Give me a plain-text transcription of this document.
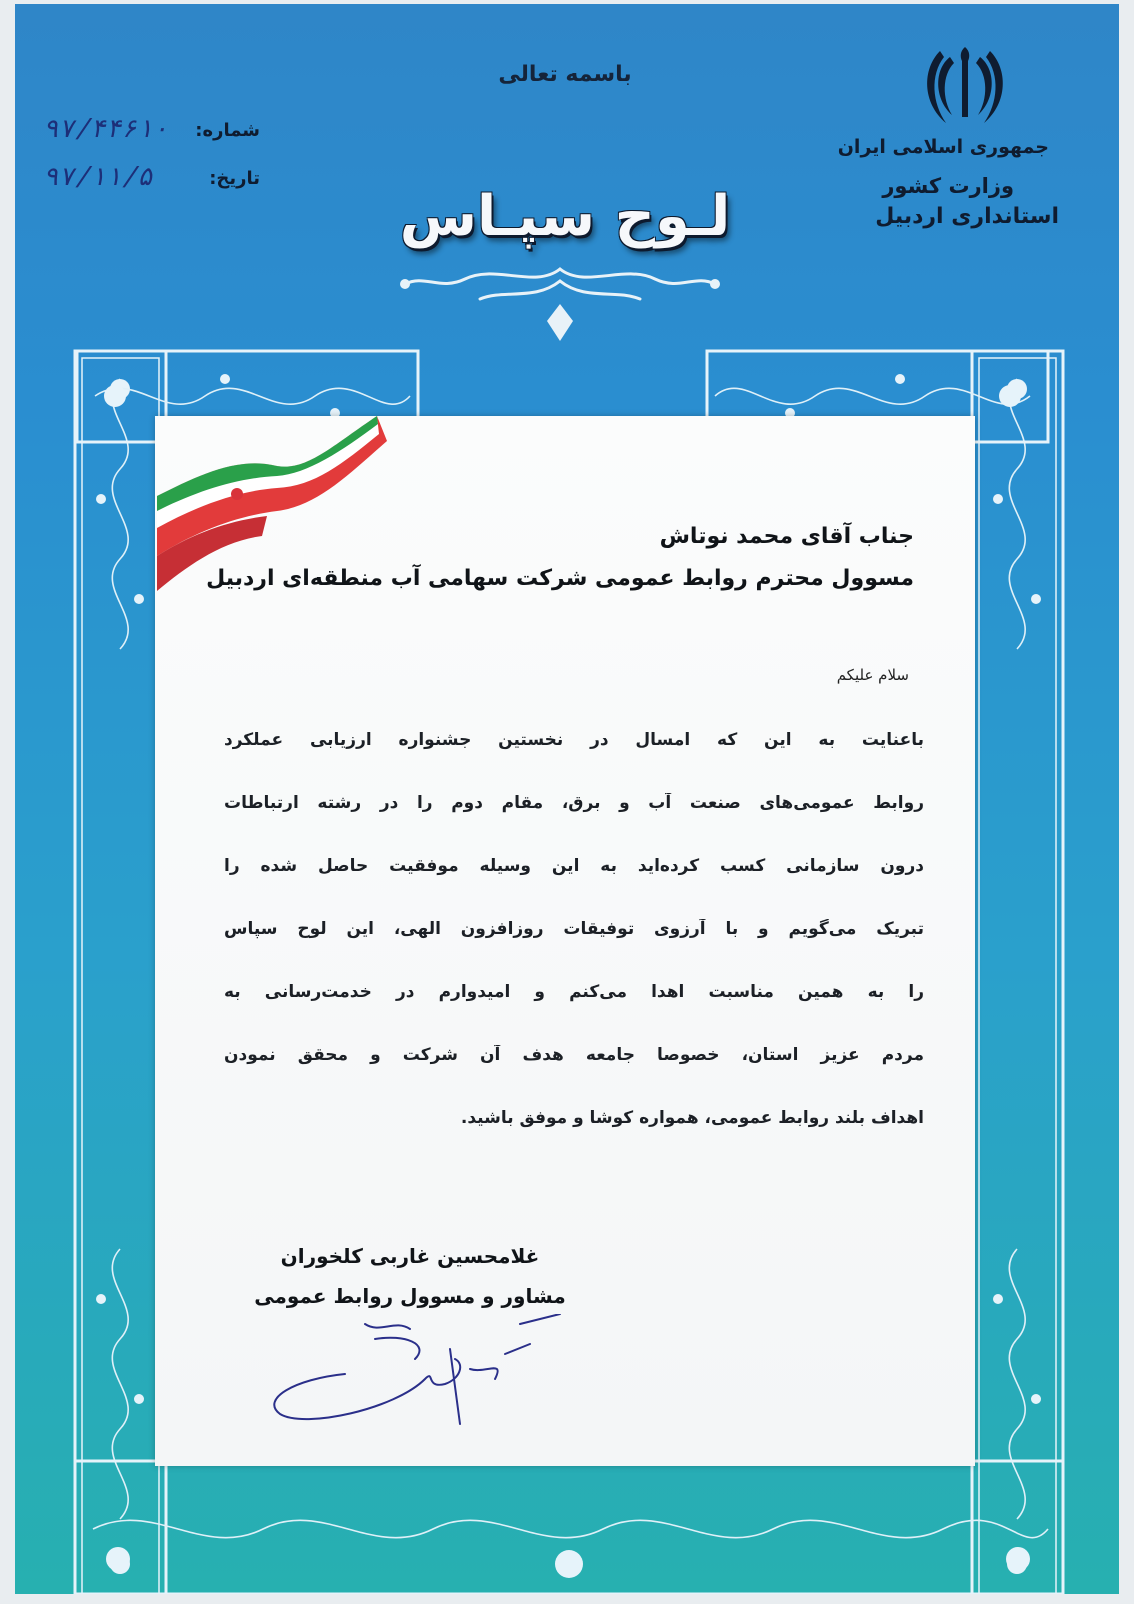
باسمه تعالی
جمهوری اسلامی ایران
وزارت کشور
استانداری اردبیل
شماره:
۹۷/۴۴۶۱۰
تاریخ:
۹۷/۱۱/۵
لـوح سپـاس
جناب آقای محمد نوتاش
مسوول محترم روابط عمومی شرکت سهامی آب منطقه‌ای اردبیل
سلام علیکم
باعنایت به این که امسال در نخستین جشنواره ارزیابی عملکرد
روابط عمومی‌های صنعت آب و برق، مقام دوم را در رشته ارتباطات
درون سازمانی کسب کرده‌اید به این وسیله موفقیت حاصل شده را
تبریک می‌گویم و با آرزوی توفیقات روزافزون الهی، این لوح سپاس
را به همین مناسبت اهدا می‌کنم و امیدوارم در خدمت‌رسانی به
مردم عزیز استان، خصوصا جامعه هدف آن شرکت و محقق نمودن
اهداف بلند روابط عمومی، همواره کوشا و موفق باشید.
غلامحسین غاربی کلخوران
مشاور و مسوول روابط عمومی
